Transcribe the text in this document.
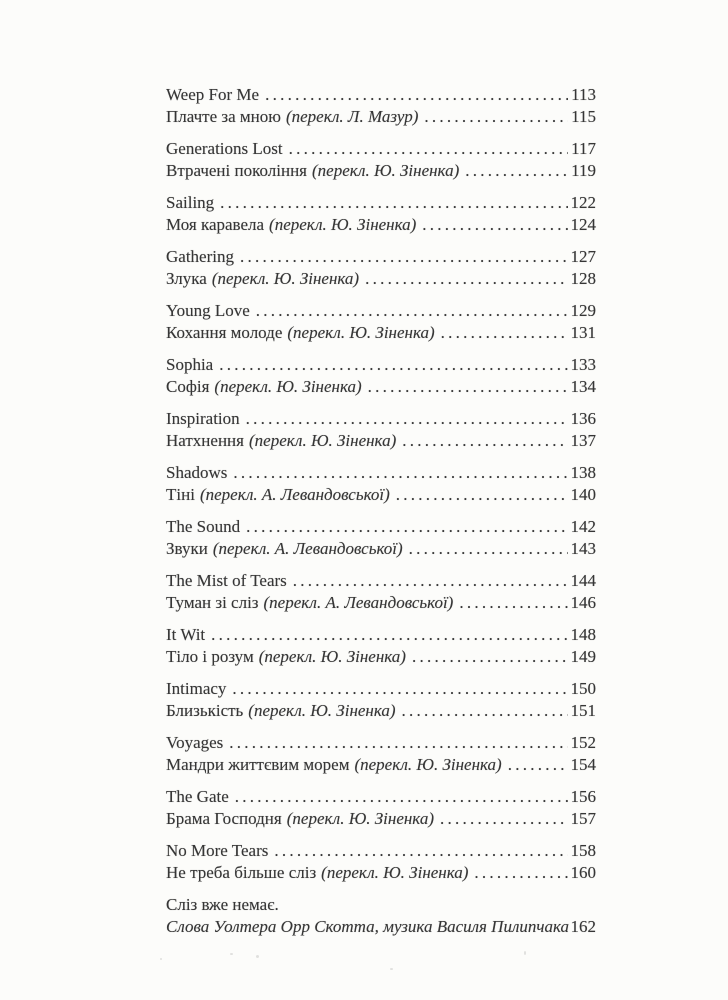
Weep For Me . . .	113
Плачте за мною (перекл. Л. Мазур) . . .	115
Generations Lost . . .	117
Втрачені покоління (перекл. Ю. Зіненка) . . .	119
Sailing . . .	122
Моя каравела (перекл. Ю. Зіненка) . . .	124
Gathering . . .	127
Злука (перекл. Ю. Зіненка) . . .	128
Young Love . . .	129
Кохання молоде (перекл. Ю. Зіненка) . . .	131
Sophia . . .	133
Софія (перекл. Ю. Зіненка) . . .	134
Inspiration . . .	136
Натхнення (перекл. Ю. Зіненка) . . .	137
Shadows . . .	138
Тіні (перекл. А. Левандовської) . . .	140
The Sound . . .	142
Звуки (перекл. А. Левандовської) . . .	143
The Mist of Tears . . .	144
Туман зі сліз (перекл. А. Левандовської) . . .	146
It Wit . . .	148
Тіло і розум (перекл. Ю. Зіненка) . . .	149
Intimacy . . .	150
Близькість (перекл. Ю. Зіненка) . . .	151
Voyages . . .	152
Мандри життєвим морем (перекл. Ю. Зіненка) . . .	154
The Gate . . .	156
Брама Господня (перекл. Ю. Зіненка) . . .	157
No More Tears . . .	158
Не треба більше сліз (перекл. Ю. Зіненка) . . .	160
Сліз вже немає.
Слова Уолтера Орр Скотта, музика Василя Пилипчака 162
